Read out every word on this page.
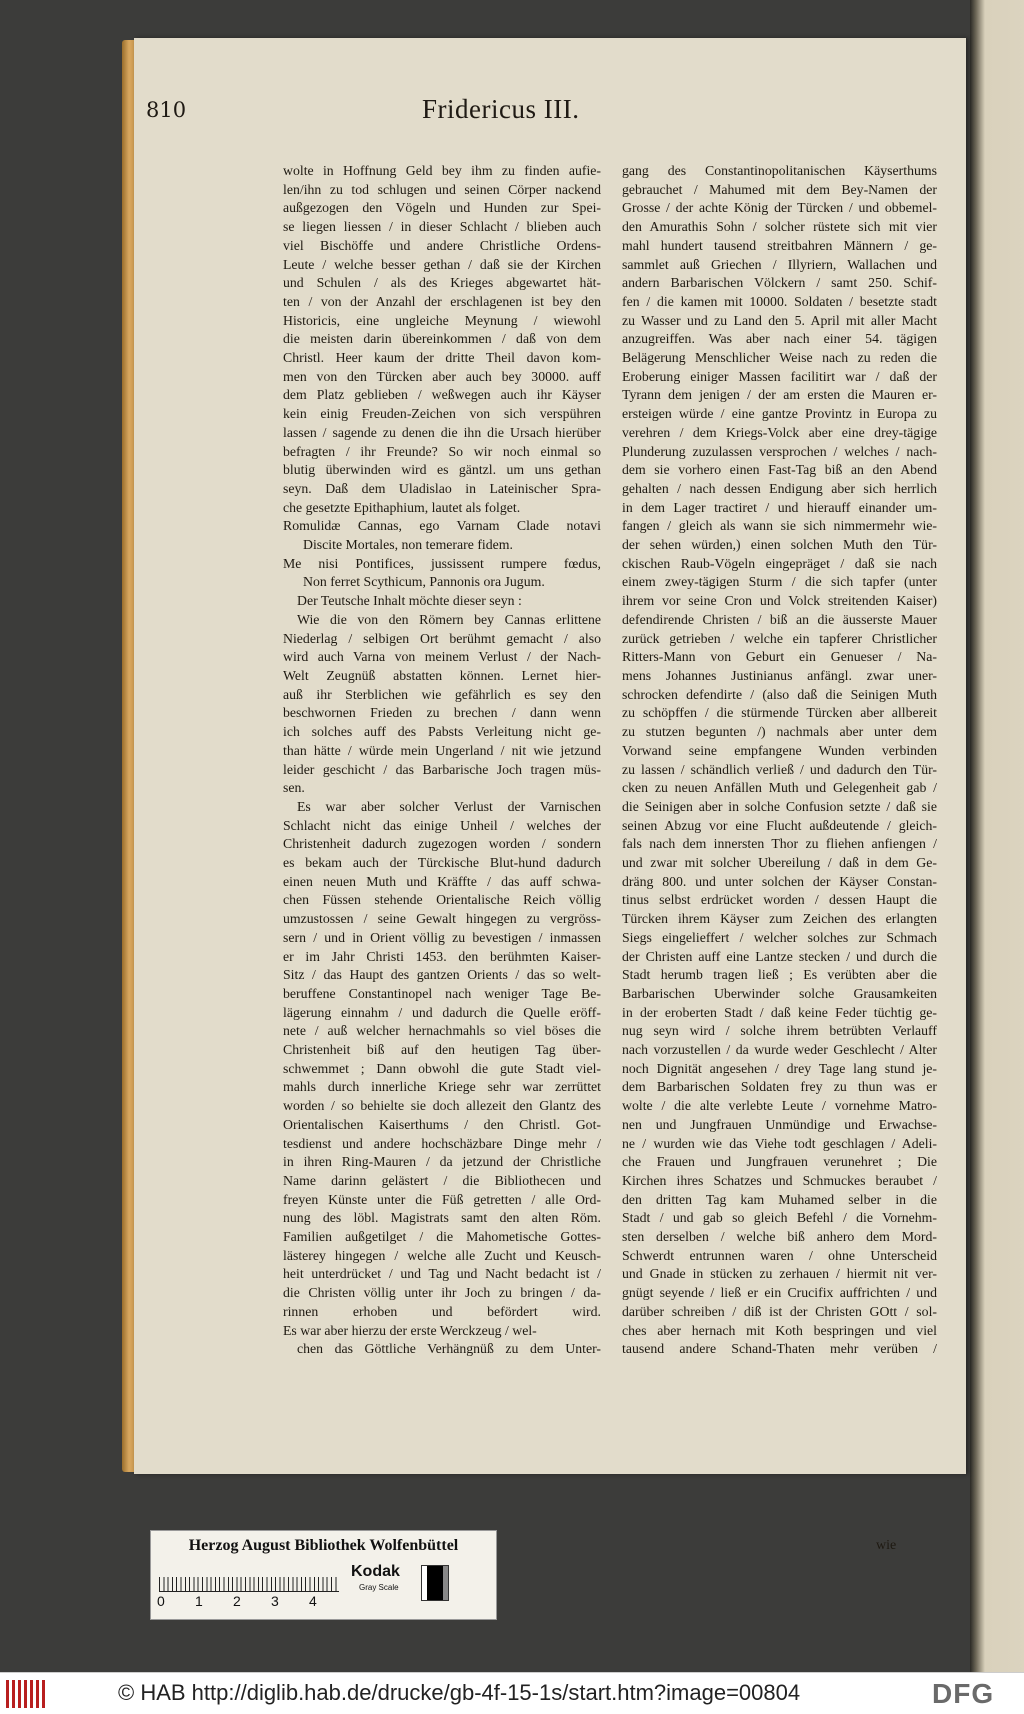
810	Fridericus III.
wolte in Hoffnung Geld bey ihm zu finden aufie-
len/ihn zu tod schlugen und seinen Cörper nackend
außgezogen den Vögeln und Hunden zur Spei-
se liegen liessen / in dieser Schlacht / blieben auch
viel Bischöffe und andere Christliche Ordens-
Leute / welche besser gethan / daß sie der Kirchen
und Schulen / als des Krieges abgewartet hät-
ten / von der Anzahl der erschlagenen ist bey den
Historicis, eine ungleiche Meynung / wiewohl
die meisten darin übereinkommen / daß von dem
Christl. Heer kaum der dritte Theil davon kom-
men von den Türcken aber auch bey 30000. auff
dem Platz geblieben / weßwegen auch ihr Käyser
kein einig Freuden-Zeichen von sich verspühren
lassen / sagende zu denen die ihn die Ursach hierüber
befragten / ihr Freunde? So wir noch einmal so
blutig überwinden wird es gäntzl. um uns gethan
seyn. Daß dem Uladislao in Lateinischer Spra-
che gesetzte Epithaphium, lautet als folget.
Romulidæ Cannas, ego Varnam Clade notavi
Discite Mortales, non temerare fidem.
Me nisi Pontifices, jussissent rumpere fœdus,
Non ferret Scythicum, Pannonis ora Jugum.
Der Teutsche Inhalt möchte dieser seyn :
Wie die von den Römern bey Cannas erlittene
Niederlag / selbigen Ort berühmt gemacht / also
wird auch Varna von meinem Verlust / der Nach-
Welt Zeugnüß abstatten können. Lernet hier-
auß ihr Sterblichen wie gefährlich es sey den
beschwornen Frieden zu brechen / dann wenn
ich solches auff des Pabsts Verleitung nicht ge-
than hätte / würde mein Ungerland / nit wie jetzund
leider geschicht / das Barbarische Joch tragen müs-
sen.
Es war aber solcher Verlust der Varnischen
Schlacht nicht das einige Unheil / welches der
Christenheit dadurch zugezogen worden / sondern
es bekam auch der Türckische Blut-hund dadurch
einen neuen Muth und Kräffte / das auff schwa-
chen Füssen stehende Orientalische Reich völlig
umzustossen / seine Gewalt hingegen zu vergröss-
sern / und in Orient völlig zu bevestigen / inmassen
er im Jahr Christi 1453. den berühmten Kaiser-
Sitz / das Haupt des gantzen Orients / das so welt-
beruffene Constantinopel nach weniger Tage Be-
lägerung einnahm / und dadurch die Quelle eröff-
nete / auß welcher hernachmahls so viel böses die
Christenheit biß auf den heutigen Tag über-
schwemmet ; Dann obwohl die gute Stadt viel-
mahls durch innerliche Kriege sehr war zerrüttet
worden / so behielte sie doch allezeit den Glantz des
Orientalischen Kaiserthums / den Christl. Got-
tesdienst und andere hochschäzbare Dinge mehr /
in ihren Ring-Mauren / da jetzund der Christliche
Name darinn gelästert / die Bibliothecen und
freyen Künste unter die Füß getretten / alle Ord-
nung des löbl. Magistrats samt den alten Röm.
Familien außgetilget / die Mahometische Gottes-
lästerey hingegen / welche alle Zucht und Keusch-
heit unterdrücket / und Tag und Nacht bedacht ist /
die Christen völlig unter ihr Joch zu bringen / da-
rinnen erhoben und befördert wird.
Es war aber hierzu der erste Werckzeug / wel-
chen das Göttliche Verhängnüß zu dem Unter-
gang des Constantinopolitanischen Käyserthums
gebrauchet / Mahumed mit dem Bey-Namen der
Grosse / der achte König der Türcken / und obbemel-
den Amurathis Sohn / solcher rüstete sich mit vier
mahl hundert tausend streitbahren Männern / ge-
sammlet auß Griechen / Illyriern, Wallachen und
andern Barbarischen Völckern / samt 250. Schif-
fen / die kamen mit 10000. Soldaten / besetzte stadt
zu Wasser und zu Land den 5. April mit aller Macht
anzugreiffen. Was aber nach einer 54. tägigen
Belägerung Menschlicher Weise nach zu reden die
Eroberung einiger Massen facilitirt war / daß der
Tyrann dem jenigen / der am ersten die Mauren er-
ersteigen würde / eine gantze Provintz in Europa zu
verehren / dem Kriegs-Volck aber eine drey-tägige
Plunderung zuzulassen versprochen / welches / nach-
dem sie vorhero einen Fast-Tag biß an den Abend
gehalten / nach dessen Endigung aber sich herrlich
in dem Lager tractiret / und hierauff einander um-
fangen / gleich als wann sie sich nimmermehr wie-
der sehen würden,) einen solchen Muth den Tür-
ckischen Raub-Vögeln eingepräget / daß sie nach
einem zwey-tägigen Sturm / die sich tapfer (unter
ihrem vor seine Cron und Volck streitenden Kaiser)
defendirende Christen / biß an die äusserste Mauer
zurück getrieben / welche ein tapferer Christlicher
Ritters-Mann von Geburt ein Genueser / Na-
mens Johannes Justinianus anfängl. zwar uner-
schrocken defendirte / (also daß die Seinigen Muth
zu schöpffen / die stürmende Türcken aber allbereit
zu stutzen begunten /) nachmals aber unter dem
Vorwand seine empfangene Wunden verbinden
zu lassen / schändlich verließ / und dadurch den Tür-
cken zu neuen Anfällen Muth und Gelegenheit gab /
die Seinigen aber in solche Confusion setzte / daß sie
seinen Abzug vor eine Flucht außdeutende / gleich-
fals nach dem innersten Thor zu fliehen anfiengen /
und zwar mit solcher Ubereilung / daß in dem Ge-
dräng 800. und unter solchen der Käyser Constan-
tinus selbst erdrücket worden / dessen Haupt die
Türcken ihrem Käyser zum Zeichen des erlangten
Siegs eingelieffert / welcher solches zur Schmach
der Christen auff eine Lantze stecken / und durch die
Stadt herumb tragen ließ ; Es verübten aber die
Barbarischen Uberwinder solche Grausamkeiten
in der eroberten Stadt / daß keine Feder tüchtig ge-
nug seyn wird / solche ihrem betrübten Verlauff
nach vorzustellen / da wurde weder Geschlecht / Alter
noch Dignität angesehen / drey Tage lang stund je-
dem Barbarischen Soldaten frey zu thun was er
wolte / die alte verlebte Leute / vornehme Matro-
nen und Jungfrauen Unmündige und Erwachse-
ne / wurden wie das Viehe todt geschlagen / Adeli-
che Frauen und Jungfrauen verunehret ; Die
Kirchen ihres Schatzes und Schmuckes beraubet /
den dritten Tag kam Muhamed selber in die
Stadt / und gab so gleich Befehl / die Vornehm-
sten derselben / welche biß anhero dem Mord-
Schwerdt entrunnen waren / ohne Unterscheid
und Gnade in stücken zu zerhauen / hiermit nit ver-
gnügt seyende / ließ er ein Crucifix auffrichten / und
darüber schreiben / diß ist der Christen GOtt / sol-
ches aber hernach mit Koth bespringen und viel
tausend andere Schand-Thaten mehr verüben /
wie
Herzog August Bibliothek Wolfenbüttel
0 1 2 3 4
Kodak
Gray Scale
© HAB http://diglib.hab.de/drucke/gb-4f-15-1s/start.htm?image=00804	DFG
